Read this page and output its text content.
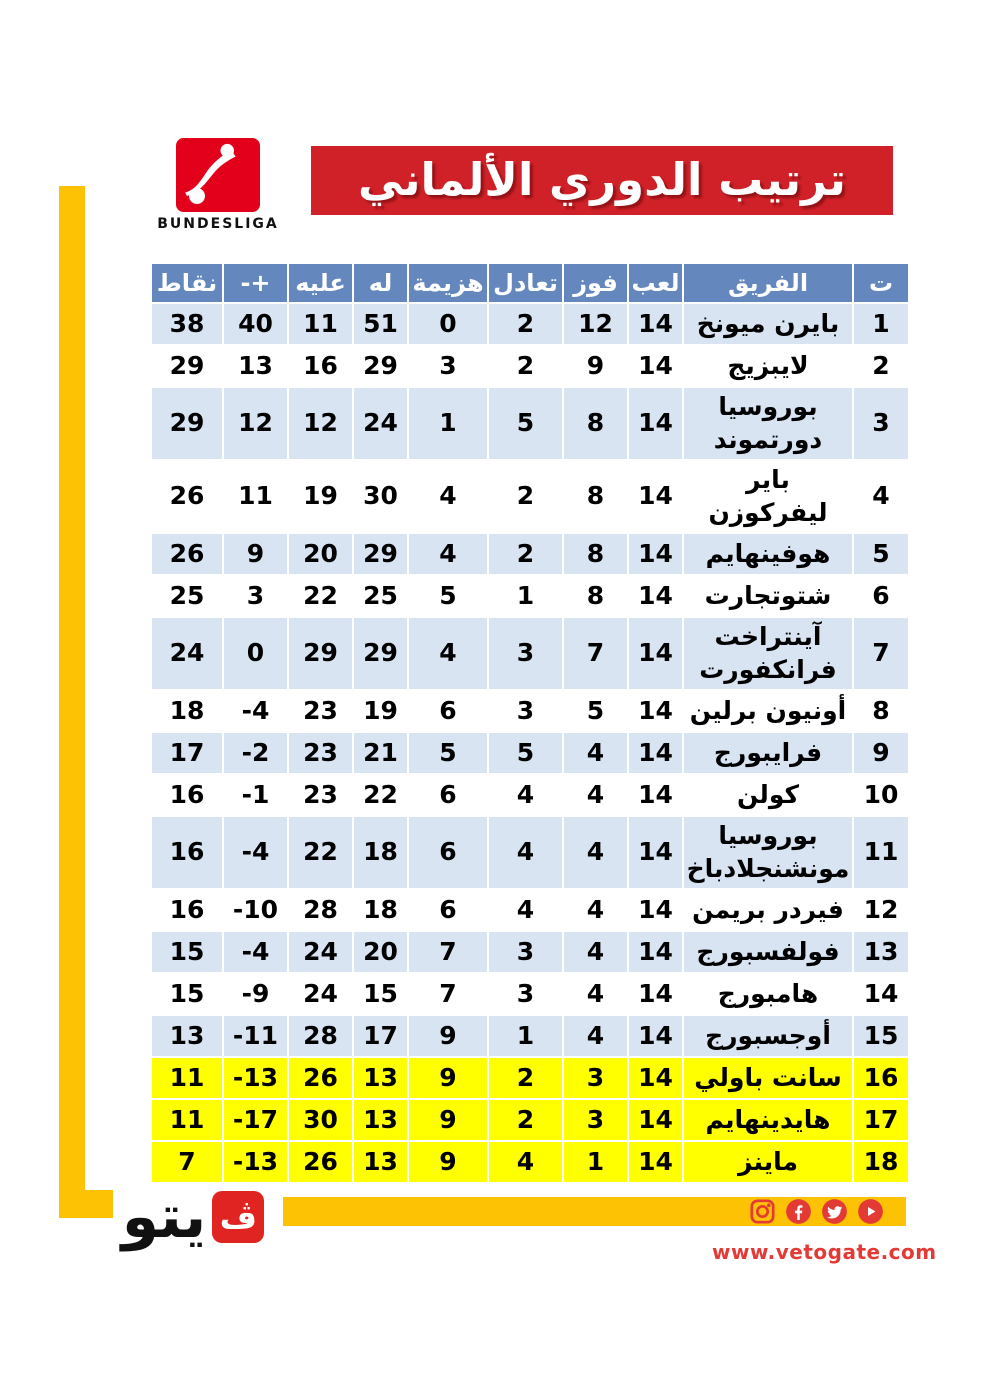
BUNDESLIGA
ترتيب الدوري الألماني
ت	الفريق	لعب	فوز	تعادل	هزيمة	له	عليه	+-	نقاط
1	بايرن ميونخ	14	12	2	0	51	11	40	38
2	لايبزيج	14	9	2	3	29	16	13	29
3	بوروسيا دورتموند	14	8	5	1	24	12	12	29
4	باير ليفركوزن	14	8	2	4	30	19	11	26
5	هوفينهايم	14	8	2	4	29	20	9	26
6	شتوتجارت	14	8	1	5	25	22	3	25
7	آينتراخت فرانكفورت	14	7	3	4	29	29	0	24
8	أونيون برلين	14	5	3	6	19	23	-4	18
9	فرايبورج	14	4	5	5	21	23	-2	17
10	كولن	14	4	4	6	22	23	-1	16
11	بوروسيا مونشنجلادباخ	14	4	4	6	18	22	-4	16
12	فيردر بريمن	14	4	4	6	18	28	-10	16
13	فولفسبورج	14	4	3	7	20	24	-4	15
14	هامبورج	14	4	3	7	15	24	-9	15
15	أوجسبورج	14	4	1	9	17	28	-11	13
16	سانت باولي	14	3	2	9	13	26	-13	11
17	هايدينهايم	14	3	2	9	13	30	-17	11
18	ماينز	14	1	4	9	13	26	-13	7
ڤ
يتو	www.vetogate.com
